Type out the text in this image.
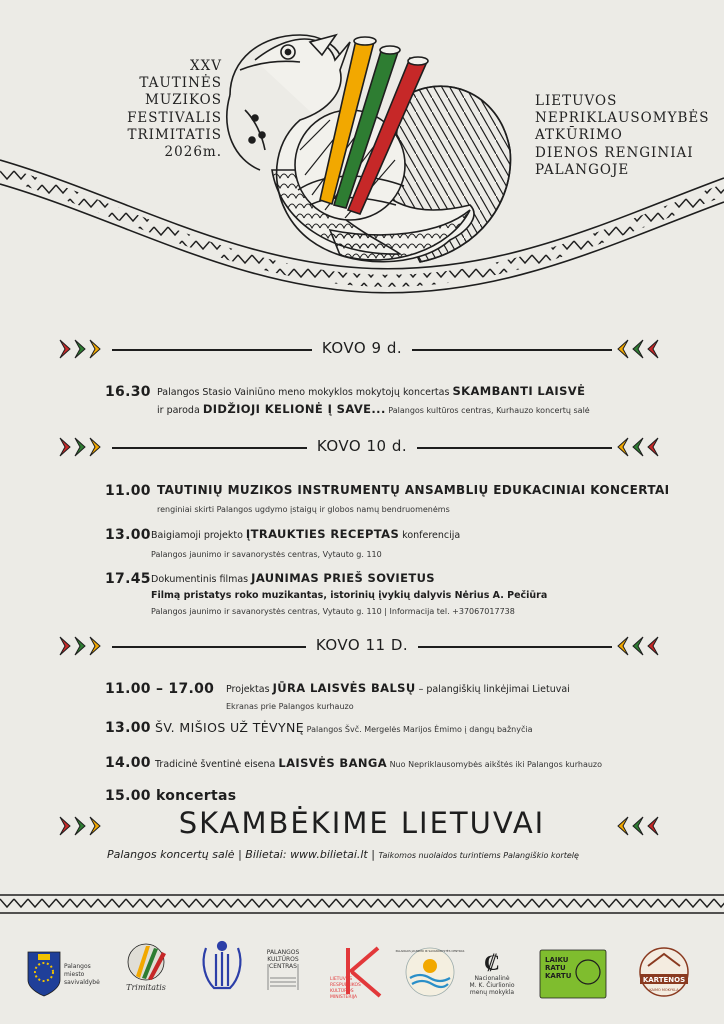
XXV
TAUTINĖS
MUZIKOS
FESTIVALIS
TRIMITATIS
2026m.
LIETUVOS
NEPRIKLAUSOMYBĖS
ATKŪRIMO
DIENOS RENGINIAI
PALANGOJE
KOVO 9 d.
16.30 Palangos Stasio Vainiūno meno mokyklos mokytojų koncertas SKAMBANTI LAISVĖ
ir paroda DIDŽIOJI KELIONĖ Į SAVE... Palangos kultūros centras, Kurhauzo koncertų salė
KOVO 10 d.
11.00 TAUTINIŲ MUZIKOS INSTRUMENTŲ ANSAMBLIŲ EDUKACINIAI KONCERTAI
renginiai skirti Palangos ugdymo įstaigų ir globos namų bendruomenėms
13.00 Baigiamoji projekto ĮTRAUKTIES RECEPTAS konferencija
Palangos jaunimo ir savanorystės centras, Vytauto g. 110
17.45 Dokumentinis filmas JAUNIMAS PRIEŠ SOVIETUS
Filmą pristatys roko muzikantas, istorinių įvykių dalyvis Nėrius A. Pečiūra
Palangos jaunimo ir savanorystės centras, Vytauto g. 110 | Informacija tel. +37067017738
KOVO 11 D.
11.00 – 17.00 Projektas JŪRA LAISVĖS BALSŲ – palangiškių linkėjimai Lietuvai
Ekranas prie Palangos kurhauzo
13.00 ŠV. MIŠIOS UŽ TĖVYNĘ Palangos Švč. Mergelės Marijos Ėmimo į dangų bažnyčia
14.00 Tradicinė šventinė eisena LAISVĖS BANGA Nuo Nepriklausomybės aikštės iki Palangos kurhauzo
15.00 koncertas
SKAMBĖKIME LIETUVAI
Palangos koncertų salė | Bilietai: www.bilietai.lt | Taikomos nuolaidos turintiems Palangiškio kortelę
Palangos
miesto
savivaldybė
Trimitatis
PALANGOS
KULTŪROS
CENTRAS
LIETUVOS
RESPUBLIKOS
KULTŪROS
MINISTERIJA
PALANGOS JAUNIMO IR SAVANORYSTĖS CENTRAS ₡
Nacionalinė
M. K. Čiurlionio
menų mokykla
LAIKU
RATU
KARTU	KARTENOS
KAIMO MOKYKLA
